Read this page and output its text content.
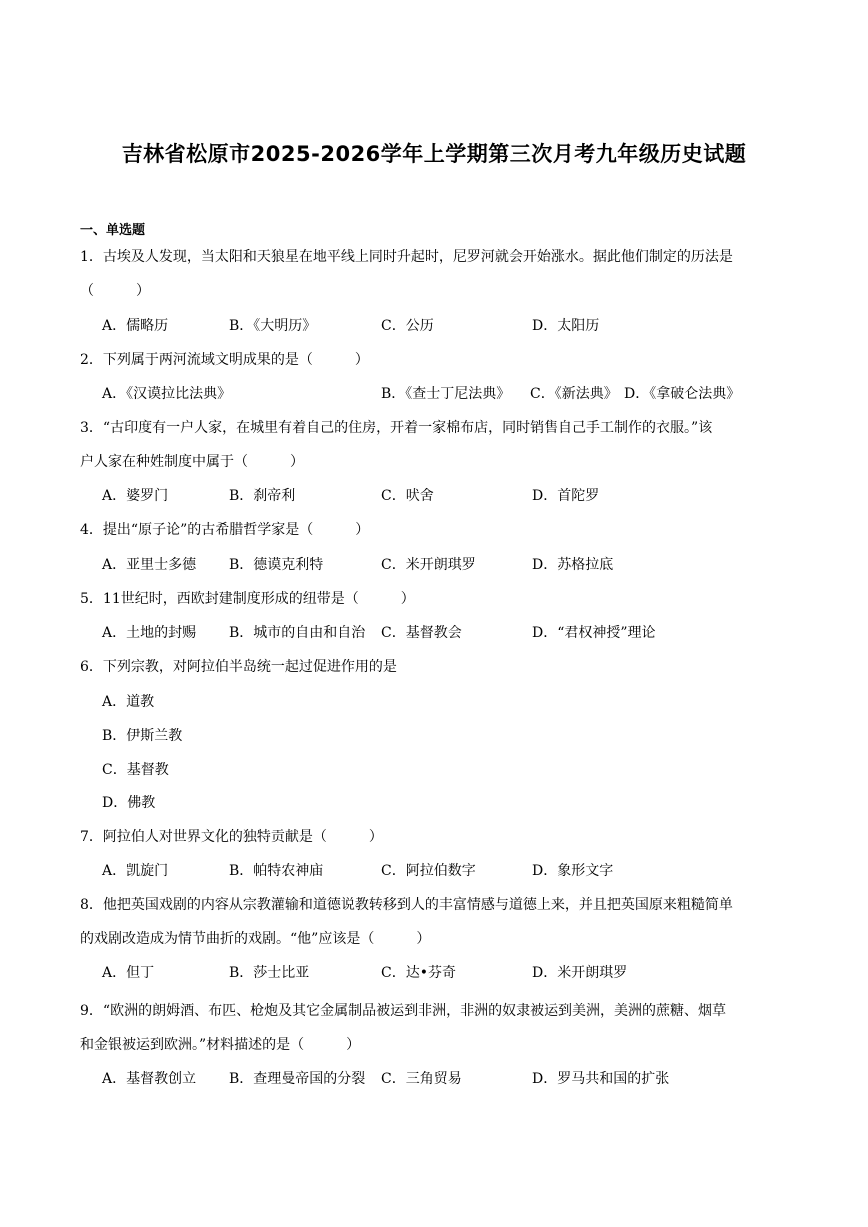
吉林省松原市2025-2026学年上学期第三次月考九年级历史试题
一、单选题
1．古埃及人发现，当太阳和天狼星在地平线上同时升起时，尼罗河就会开始涨水。据此他们制定的历法是
（　　　）
A．儒略历	B．《大明历》	C．公历	D．太阳历
2．下列属于两河流域文明成果的是（　　　）
A．《汉谟拉比法典》	B．《查士丁尼法典》 C．《新法典》 D．《拿破仑法典》
3．“古印度有一户人家，在城里有着自己的住房，开着一家棉布店，同时销售自己手工制作的衣服。”该
户人家在种姓制度中属于（　　　）
A．婆罗门	B．刹帝利	C．吠舍	D．首陀罗
4．提出“原子论”的古希腊哲学家是（　　　）
A．亚里士多德 B．德谟克利特	C．米开朗琪罗	D．苏格拉底
5．11世纪时，西欧封建制度形成的纽带是（　　　）
A．土地的封赐 B．城市的自由和自治 C．基督教会	D．“君权神授”理论
6．下列宗教，对阿拉伯半岛统一起过促进作用的是
A．道教
B．伊斯兰教
C．基督教
D．佛教
7．阿拉伯人对世界文化的独特贡献是（　　　）
A．凯旋门	B．帕特农神庙	C．阿拉伯数字	D．象形文字
8．他把英国戏剧的内容从宗教灌输和道德说教转移到人的丰富情感与道德上来，并且把英国原来粗糙简单
的戏剧改造成为情节曲折的戏剧。“他”应该是（　　　）
A．但丁	B．莎士比亚	C．达•芬奇	D．米开朗琪罗
9．“欧洲的朗姆酒、布匹、枪炮及其它金属制品被运到非洲，非洲的奴隶被运到美洲，美洲的蔗糖、烟草
和金银被运到欧洲。”材料描述的是（　　　）
A．基督教创立 B．查理曼帝国的分裂 C．三角贸易	D．罗马共和国的扩张
